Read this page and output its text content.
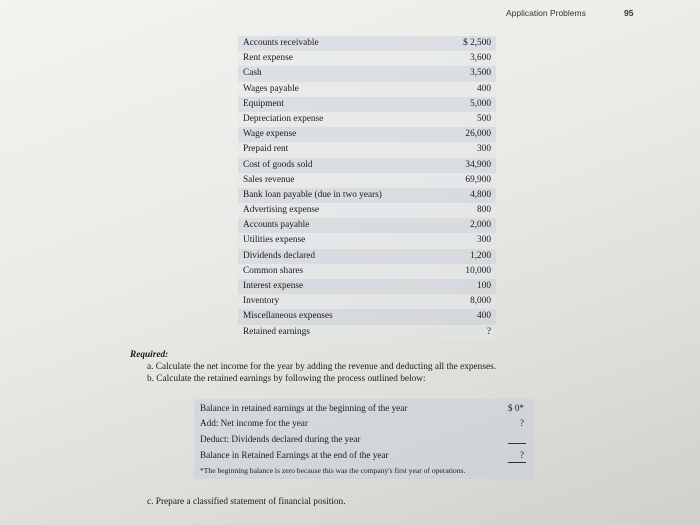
Application Problems	95
Accounts receivable	$ 2,500
Rent expense	3,600
Cash	3,500
Wages payable	400
Equipment	5,000
Depreciation expense	500
Wage expense	26,000
Prepaid rent	300
Cost of goods sold	34,900
Sales revenue	69,900
Bank loan payable (due in two years)	4,800
Advertising expense	800
Accounts payable	2,000
Utilities expense	300
Dividends declared	1,200
Common shares	10,000
Interest expense	100
Inventory	8,000
Miscellaneous expenses	400
Retained earnings	?
Required:
a. Calculate the net income for the year by adding the revenue and deducting all the expenses.
b. Calculate the retained earnings by following the process outlined below:
Balance in retained earnings at the beginning of the year	$ 0*
Add: Net income for the year	?
Deduct: Dividends declared during the year
Balance in Retained Earnings at the end of the year	?
*The beginning balance is zero because this was the company's first year of operations.
c. Prepare a classified statement of financial position.
